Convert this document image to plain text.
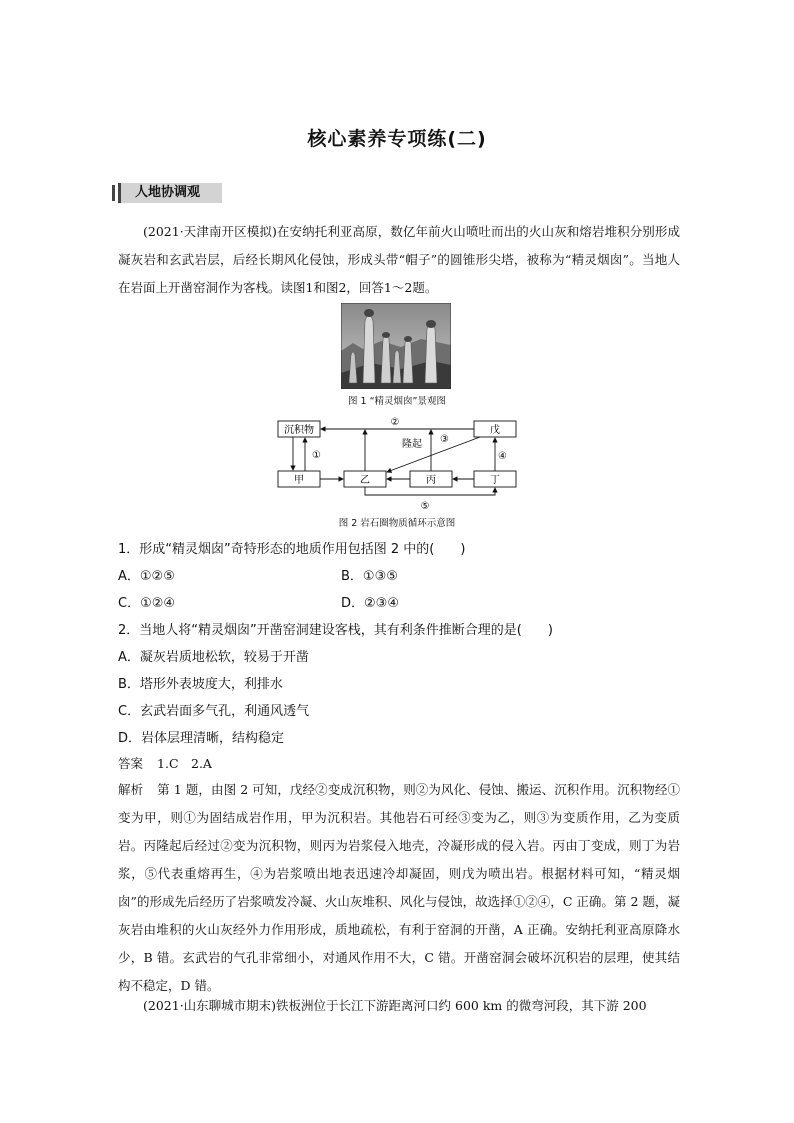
核心素养专项练(二)
人地协调观
(2021·天津南开区模拟)在安纳托利亚高原，数亿年前火山喷吐而出的火山灰和熔岩堆积分别形成凝灰岩和玄武岩层，后经长期风化侵蚀，形成头带“帽子”的圆锥形尖塔，被称为“精灵烟囱”。当地人在岩面上开凿窑洞作为客栈。读图1和图2，回答1～2题。
图 1 “精灵烟囱”景观图
沉积物	戊
甲	乙	丙	丁
②
①
隆起 ③
④
⑤
图 2 岩石圈物质循环示意图
1．形成“精灵烟囱”奇特形态的地质作用包括图 2 中的(　　)
A．①②⑤	B．①③⑤
C．①②④	D．②③④
2．当地人将“精灵烟囱”开凿窑洞建设客栈，其有利条件推断合理的是(　　)
A．凝灰岩质地松软，较易于开凿
B．塔形外表坡度大，利排水
C．玄武岩面多气孔，利通风透气
D．岩体层理清晰，结构稳定
答案 1.C　2.A
解析 第 1 题，由图 2 可知，戊经②变成沉积物，则②为风化、侵蚀、搬运、沉积作用。沉积物经①变为甲，则①为固结成岩作用，甲为沉积岩。其他岩石可经③变为乙，则③为变质作用，乙为变质岩。丙隆起后经过②变为沉积物，则丙为岩浆侵入地壳，冷凝形成的侵入岩。丙由丁变成，则丁为岩浆，⑤代表重熔再生，④为岩浆喷出地表迅速冷却凝固，则戊为喷出岩。根据材料可知，“精灵烟囱”的形成先后经历了岩浆喷发冷凝、火山灰堆积、风化与侵蚀，故选择①②④，C 正确。第 2 题，凝灰岩由堆积的火山灰经外力作用形成，质地疏松，有利于窑洞的开凿，A 正确。安纳托利亚高原降水少，B 错。玄武岩的气孔非常细小，对通风作用不大，C 错。开凿窑洞会破坏沉积岩的层理，使其结构不稳定，D 错。
(2021·山东聊城市期末)铁板洲位于长江下游距离河口约 600 km 的微弯河段，其下游 200
